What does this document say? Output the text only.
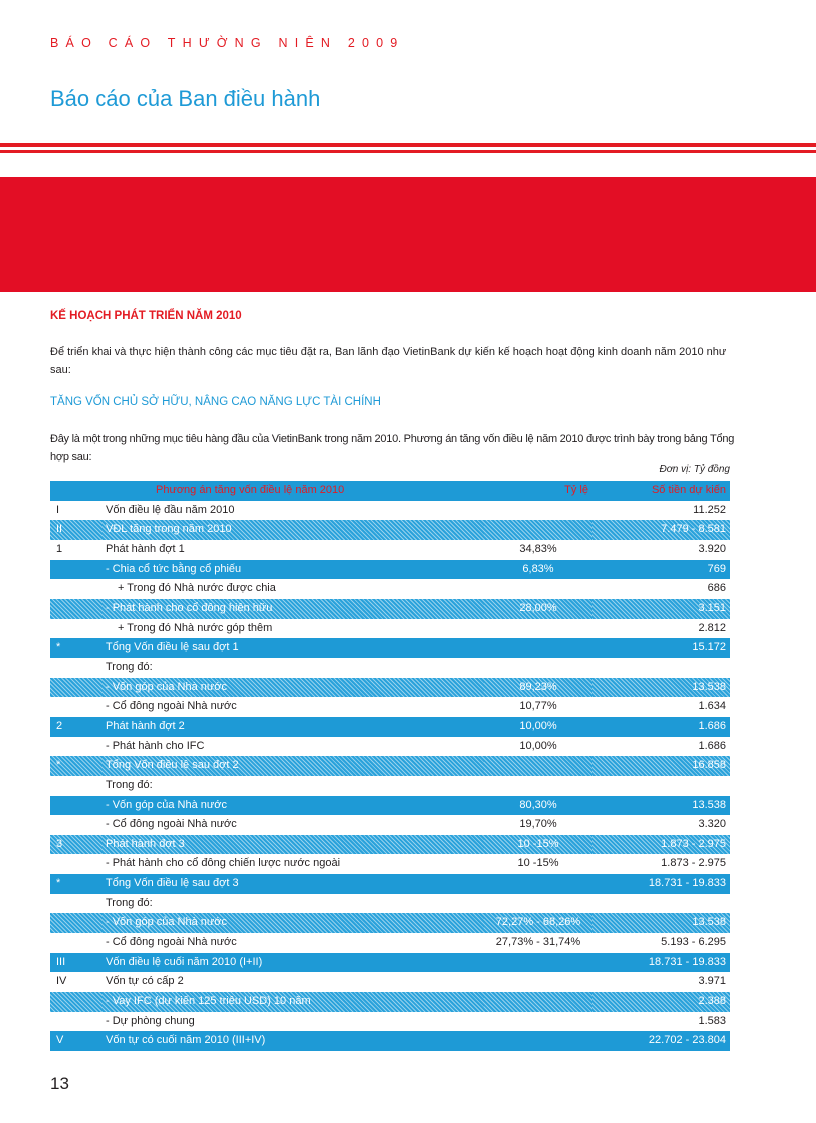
BÁO CÁO THƯỜNG NIÊN 2009
Báo cáo của Ban điều hành
KẾ HOẠCH PHÁT TRIỂN NĂM 2010
Để triển khai và thực hiện thành công các mục tiêu đặt ra, Ban lãnh đạo VietinBank dự kiến kế hoạch hoạt động kinh doanh năm 2010 như sau:
TĂNG VỐN CHỦ SỞ HỮU, NÂNG CAO NĂNG LỰC TÀI CHÍNH
Đây là một trong những mục tiêu hàng đầu của VietinBank trong năm 2010. Phương án tăng vốn điều lệ năm 2010 được trình bày trong bảng Tổng hợp sau:
Đơn vị: Tỷ đồng
	Phương án tăng vốn điều lệ năm 2010	Tỷ lệ	Số tiền dự kiến
I	Vốn điều lệ đầu năm 2010		11.252
II	VĐL tăng trong năm 2010		7.479 - 8.581
1	Phát hành đợt 1	34,83%	3.920
	- Chia cổ tức bằng cổ phiếu	6,83%	769
	+ Trong đó Nhà nước được chia		686
	- Phát hành cho cổ đông hiện hữu	28,00%	3.151
	+ Trong đó Nhà nước góp thêm		2.812
*	Tổng Vốn điều lệ sau đợt 1		15.172
	Trong đó:		
	- Vốn góp của Nhà nước	89,23%	13.538
	- Cổ đông ngoài Nhà nước	10,77%	1.634
2	Phát hành đợt 2	10,00%	1.686
	- Phát hành cho IFC	10,00%	1.686
*	Tổng Vốn điều lệ sau đợt 2		16.858
	Trong đó:		
	- Vốn góp của Nhà nước	80,30%	13.538
	- Cổ đông ngoài Nhà nước	19,70%	3.320
3	Phát hành đợt 3	10 -15%	1.873 - 2.975
	- Phát hành cho cổ đông chiến lược nước ngoài	10 -15%	1.873 - 2.975
*	Tổng Vốn điều lệ sau đợt 3		18.731 - 19.833
	Trong đó:		
	- Vốn góp của Nhà nước	72,27% - 68,26%	13.538
	- Cổ đông ngoài Nhà nước	27,73% - 31,74%	5.193 - 6.295
III	Vốn điều lệ cuối năm 2010 (I+II)		18.731 - 19.833
IV	Vốn tự có cấp 2		3.971
	- Vay IFC (dự kiến 125 triệu USD) 10 năm		2.388
	- Dự phòng chung		1.583
V	Vốn tự có cuối năm 2010 (III+IV)		22.702 - 23.804
13
